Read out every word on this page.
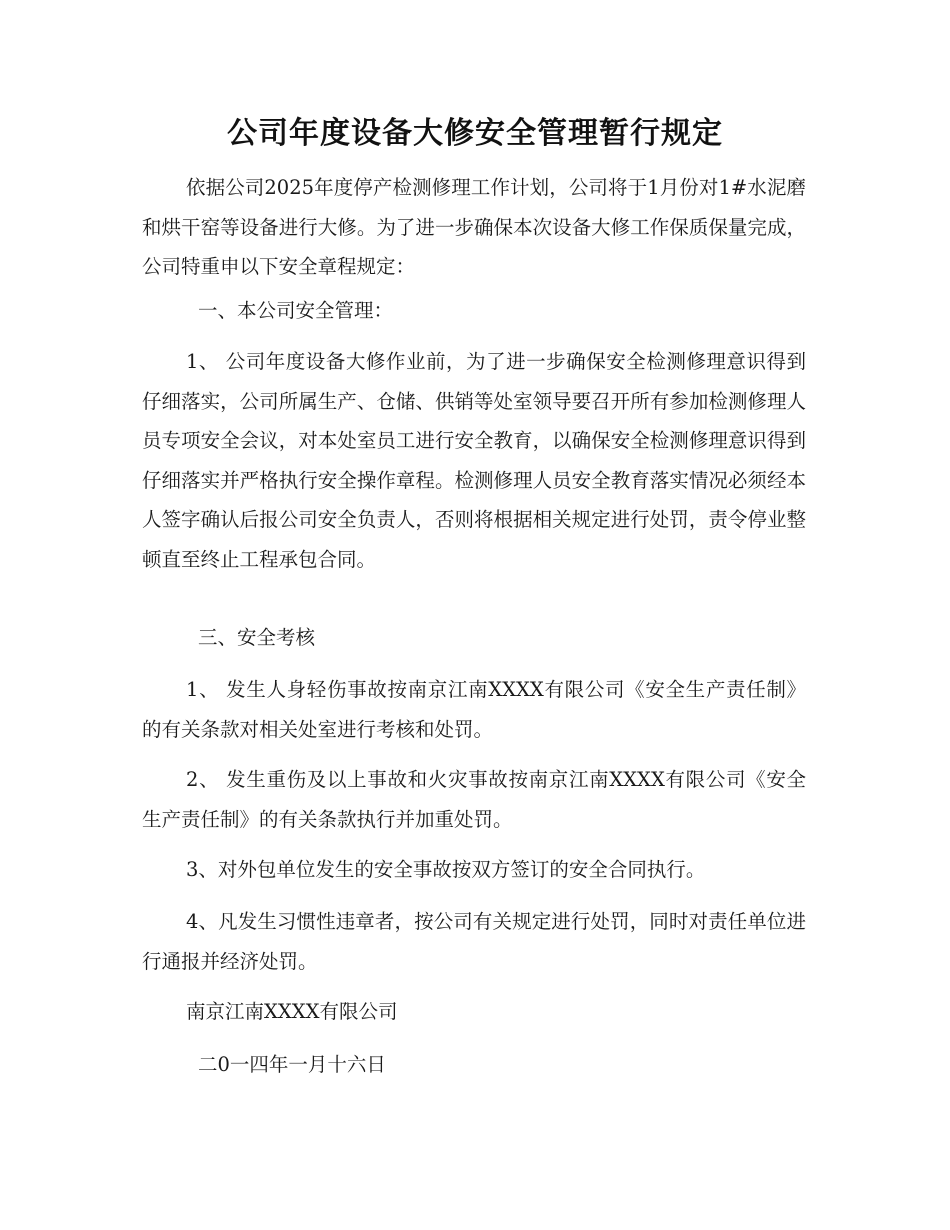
公司年度设备大修安全管理暂行规定

依据公司2025年度停产检测修理工作计划，公司将于1月份对1#水泥磨和烘干窑等设备进行大修。为了进一步确保本次设备大修工作保质保量完成，公司特重申以下安全章程规定：

一、本公司安全管理：

1、 公司年度设备大修作业前，为了进一步确保安全检测修理意识得到仔细落实，公司所属生产、仓储、供销等处室领导要召开所有参加检测修理人员专项安全会议，对本处室员工进行安全教育，以确保安全检测修理意识得到仔细落实并严格执行安全操作章程。检测修理人员安全教育落实情况必须经本人签字确认后报公司安全负责人，否则将根据相关规定进行处罚，责令停业整顿直至终止工程承包合同。

三、安全考核

1、 发生人身轻伤事故按南京江南XXXX有限公司《安全生产责任制》的有关条款对相关处室进行考核和处罚。

2、 发生重伤及以上事故和火灾事故按南京江南XXXX有限公司《安全生产责任制》的有关条款执行并加重处罚。

3、对外包单位发生的安全事故按双方签订的安全合同执行。

4、凡发生习惯性违章者，按公司有关规定进行处罚，同时对责任单位进行通报并经济处罚。

南京江南XXXX有限公司

二0一四年一月十六日
